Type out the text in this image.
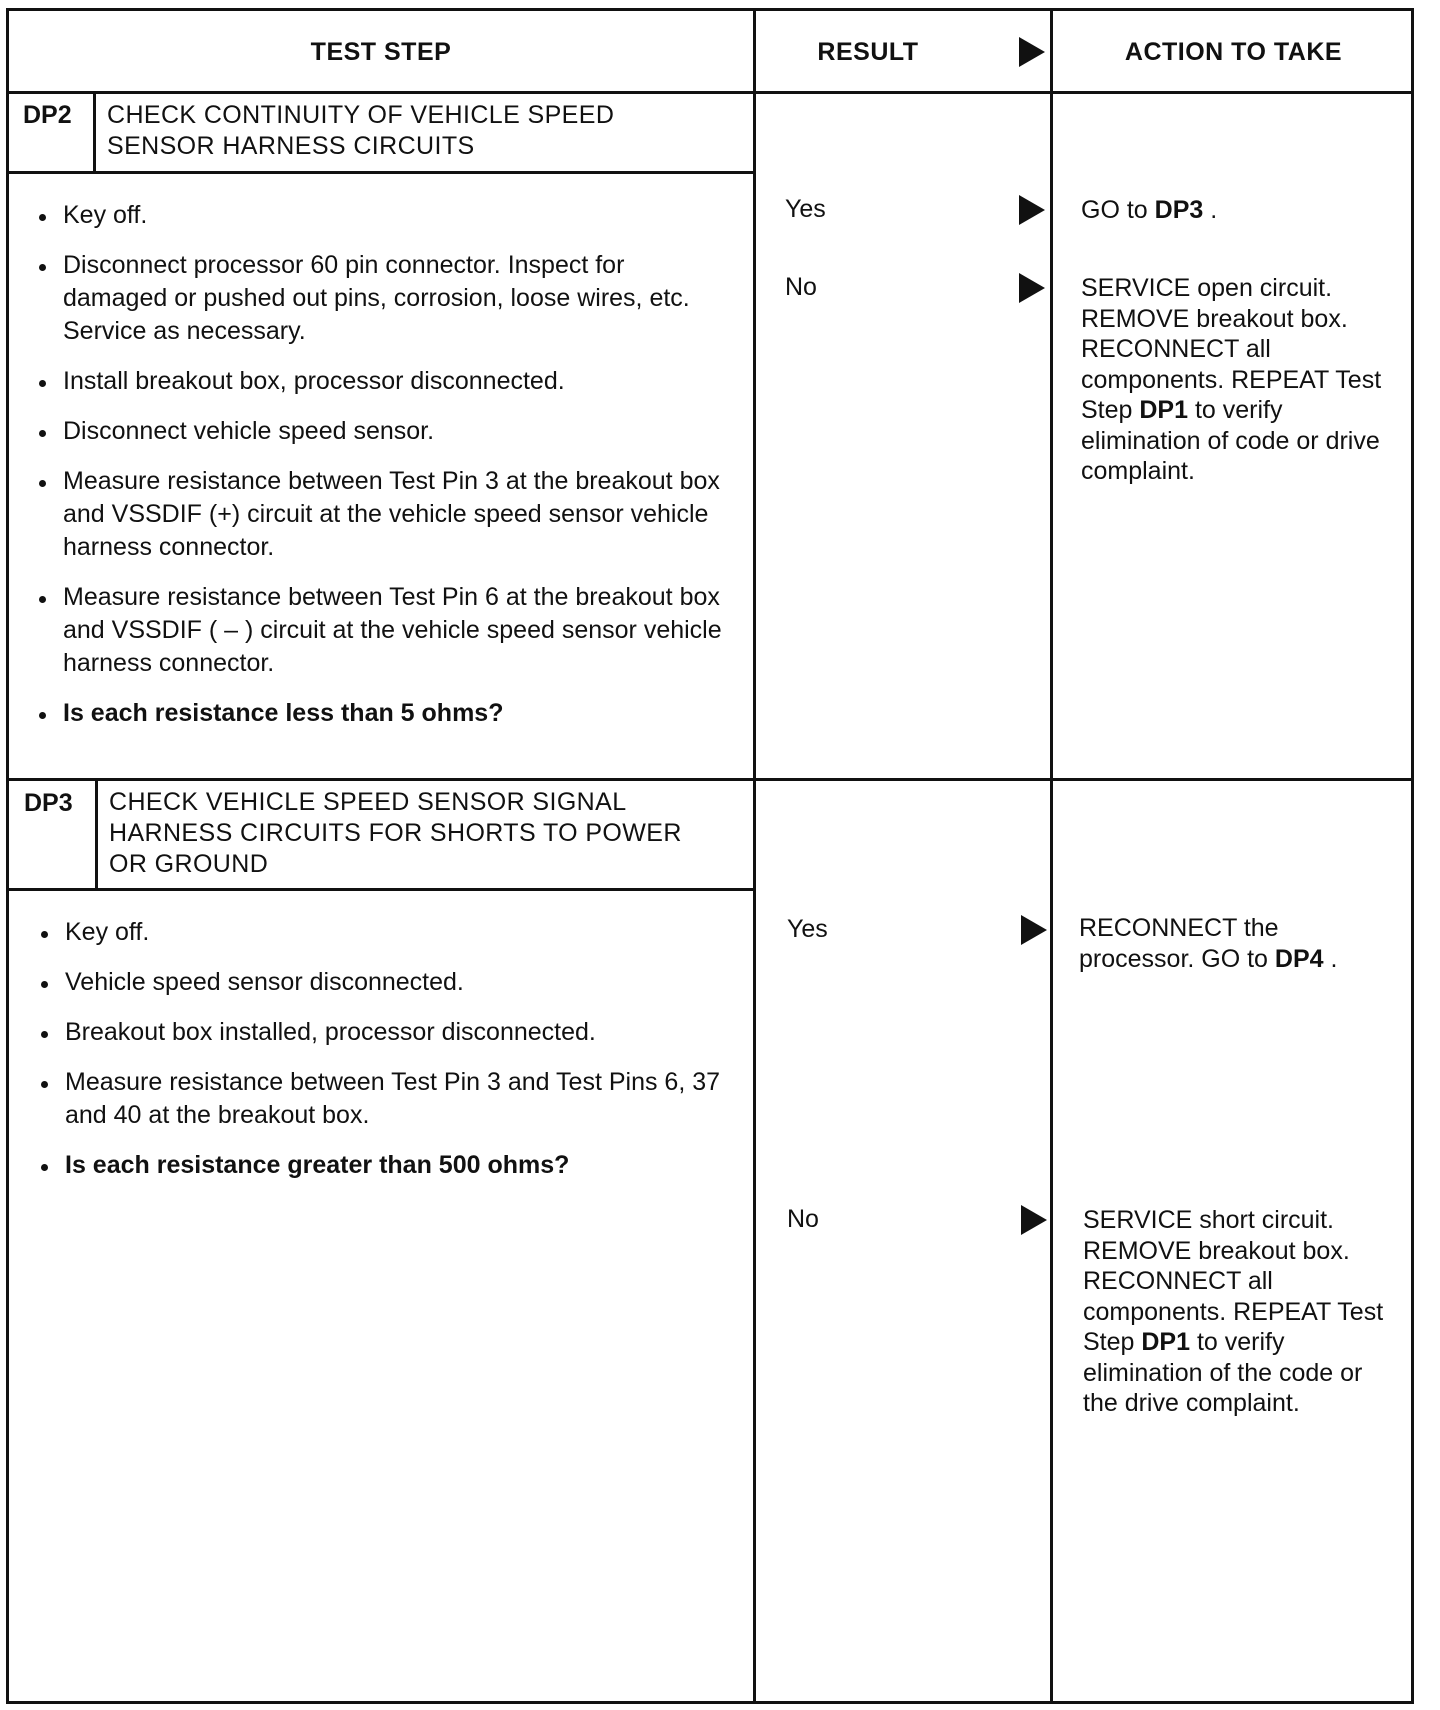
TEST STEP	RESULT	ACTION TO TAKE
DP2 CHECK CONTINUITY OF VEHICLE SPEED
SENSOR HARNESS CIRCUITS
Key off.
Disconnect processor 60 pin connector. Inspect for damaged or pushed out pins, corrosion, loose wires, etc. Service as necessary.
Install breakout box, processor disconnected.
Disconnect vehicle speed sensor.
Measure resistance between Test Pin 3 at the breakout box and VSSDIF (+) circuit at the vehicle speed sensor vehicle harness connector.
Measure resistance between Test Pin 6 at the breakout box and VSSDIF ( – ) circuit at the vehicle speed sensor vehicle harness connector.
Is each resistance less than 5 ohms?
Yes	GO to DP3 .
No	SERVICE open circuit. REMOVE breakout box. RECONNECT all components. REPEAT Test Step DP1 to verify elimination of code or drive complaint.
DP3 CHECK VEHICLE SPEED SENSOR SIGNAL
HARNESS CIRCUITS FOR SHORTS TO POWER
OR GROUND
Key off.
Vehicle speed sensor disconnected.
Breakout box installed, processor disconnected.
Measure resistance between Test Pin 3 and Test Pins 6, 37 and 40 at the breakout box.
Is each resistance greater than 500 ohms?
Yes	RECONNECT the processor. GO to DP4 .
No	SERVICE short circuit. REMOVE breakout box. RECONNECT all components. REPEAT Test Step DP1 to verify elimination of the code or the drive complaint.
